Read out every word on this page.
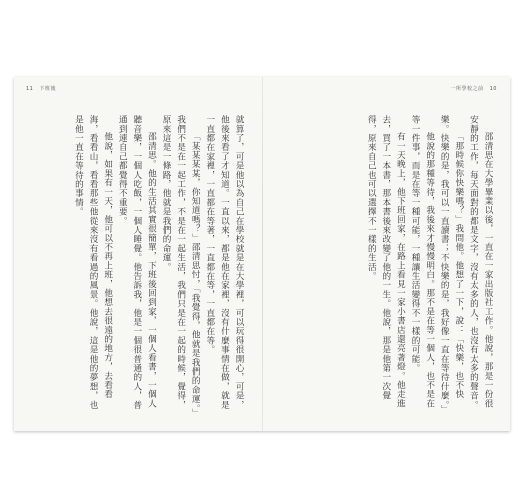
11 下班後

就算了，可是他以為自己在學校就是在大學裡，可以玩得很開心，可是，他後來看了才知道。一直以來，都是他在家裡，沒有什麼事情在做，就是一直都在家裡，一直都在等著，一直都在等，一直都在等。

「某某某某，你知道嗎？」邵清思忖，「我覺得，他就是我們的命運。」我們不是在一起工作，不是在一起生活，我們只是在一起的時候，覺得，原來這是一條路，他就是我們的命運。

邵清思。他的生活其實很簡單，下班後回到家，一個人看書，一個人聽音樂，一個人吃飯，一個人睡覺。他告訴我，他是一個很普通的人，普通到連自己都覺得不重要。

他說，如果有一天，他可以不再上班，他想去很遠的地方，去看看海，看看山，看看那些他從來沒有看過的風景。他說，這是他的夢想，也是他一直在等待的事情。

一所學校之前 10

邵清思在大學畢業以後，一直在一家出版社工作。他說，那是一份很安靜的工作，每天面對的都是文字，沒有太多的人，也沒有太多的聲音。

「那時候你快樂嗎？」我問他。他想了一下，說：「快樂，也不快樂。快樂的是，我可以一直讀書；不快樂的是，我好像一直在等待什麼。」

他說的那種等待，我後來才慢慢明白。那不是在等一個人，也不是在等一件事，而是在等一種可能，一種讓生活變得不一樣的可能。

有一天晚上，他下班回家，在路上看見一家小書店還亮著燈。他走進去，買了一本書，那本書後來改變了他的一生。他說，那是他第一次覺得，原來自己也可以選擇不一樣的生活。
